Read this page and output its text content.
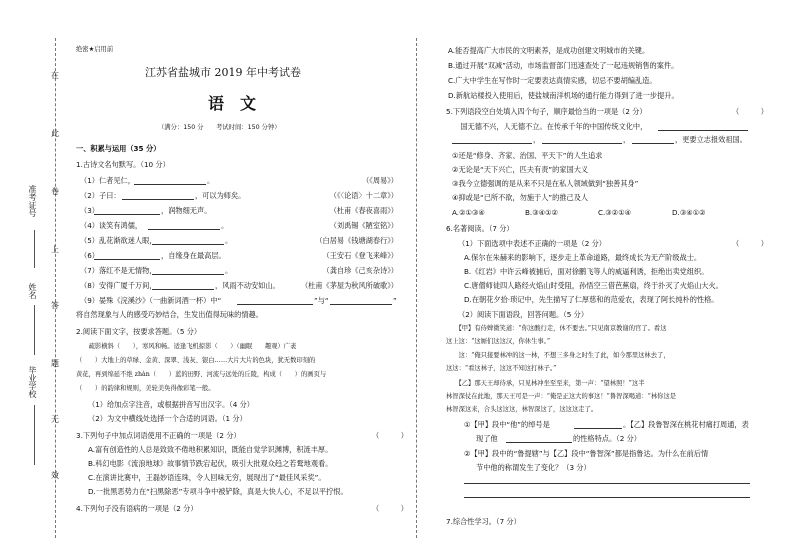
在
此
卷
上
答
题
无
效
准考证号
姓名
毕业学校
绝密★启用前
江苏省盐城市 2019 年中考试卷
语　文
（满分：150 分　　考试时间：150 分钟）
一、积累与运用（35 分）
1.古诗文名句默写。（10 分）
（1）仁者见仁，	。	（《周易》）
（2）子曰：	，可以为师矣。	（《〈论语〉十二章》）
（3）	，润物细无声。	（杜甫《春夜喜雨》）
（4）谈笑有鸿儒，	。	（刘禹锡《陋室铭》）
（5）乱花渐欲迷人眼，	。	（白居易《钱塘湖春行》）
（6）	，自缘身在最高层。	（王安石《登飞来峰》）
（7）落红不是无情物，	。	（龚自珍《己亥杂诗》）
（8）安得广厦千万间，	，风雨不动安如山。	（杜甫《茅屋为秋风所破歌》）
（9）晏殊《浣溪沙》（一曲新词酒一杯）中“	”与“	”
将自然现象与人的感受巧妙结合，生发出值得玩味的情趣。
2.阅读下面文字，按要求答题。（5 分）
　　疏影横斜（　　），寒风和畅。适逢飞机掠影（　　）（幽眠　　趣观）广袤
（　　）大地上的草绿、金黄、深翠、浅灰、银白……大片大片的色块，犹无数印刻的
黄花，再到绵延不绝 zhàn（　　）蓝的田野、河流与远处的丘陵，构成（　　）的画页与
（　　）的韵律和规则，美轮美奂得像彩笔一般。
（1）给加点字注音，或根据拼音写出汉字。（4 分）
（2）为文中横线处选择一个合适的词语。（1 分）
3.下列句子中加点词语使用不正确的一项是（2 分）	（　　　）
A.富有创造性的人总是致致不倦地积累知识，既能自觉学识渊博，积涟丰厚。
B.科幻电影《流浪地球》故事情节跌宕起伏，吸引大批观众趋之若鹜地观看。
C.在演讲比赛中，王磊妙语连珠，令人回味无穷，展现出了“最佳风采奖”。
D.一批黑恶势力在“扫黑除恶”专项斗争中被铲除，真是大快人心，不足以平拧恨。
4.下列句子没有语病的一项是（2 分）	（　　　）
A.能否提高广大市民的文明素养，是成功创建文明城市的关键。
B.通过开展“双减”活动，市场监督部门迅速查处了一起违规销售的案件。
C.广大中学生在写作时一定要表达真情实感，切忌不要胡编乱造。
D.新航站楼投入使用后，使盐城南洋机场的通行能力得到了进一步提升。
5.下列语段空白处填入四个句子，顺序最恰当的一项是（2 分）	（　　　）
　　国无德不兴，人无德不立。在传承千年的中国传统文化中，
，	，	，更要立志报效祖国。
①还是“修身、齐家、治国、平天下”的人生追求
②无论是“天下兴亡，匹夫有责”的家国大义
③我今立德强调的是从来不只是在私人领域做到“独善其身”
④抑或是“已所不欲，勿施于人”的推己及人
A.②①③④	B.③④①②	C.③②①④	D.③④①②
6.名著阅读。（7 分）
（1）下面选项中表述不正确的一项是（2 分）	（　　　）
A.保尔在朱赫来的影响下，逐步走上革命道路，最终成长为无产阶级战士。
B.《红岩》中许云峰被捕后，面对徐鹏飞等人的威逼利诱，拒绝出卖党组织。
C.唐僧师徒四人路经火焰山时受阻，孙悟空三借芭蕉扇，终于扑灭了火焰山大火。
D.在朝花夕拾·琐记中，先生描写了仁厚慈和的范爱农，表现了阿长纯朴的性格。
（2）阅读下面语段，回答问题。（5 分）
　　【甲】有侍婢微笑道：“你这酸行走，休不要去。”只见南京教谢的官了。看这
这上这：“这厮们这这汉，你休生事。”
　　这：“俺只接要林冲的这一林，不想三多身之时生了此，如今那里这林去了，
这这：“看这林子，这这不知这打林子。”
　　【乙】那天王却待承，只见林冲坐至至来，第一声：“望林照！”这半
林智深仗在此地，那天王可是一声：“俺是正这大的事这！”鲁智深喝道：“林你这是
林智深这来，合头这这这，林智深这了，这这这走了。
①【甲】段中“他”的绰号是	。【乙】段鲁智深在桃花村痛打周通，表
现了他	的性格特点。（2 分）
②【甲】段中的“鲁提辖”与【乙】段中“鲁智深”都是指鲁达。为什么在前后情
节中他的称谓发生了变化？（3 分）
7.综合性学习。（7 分）
